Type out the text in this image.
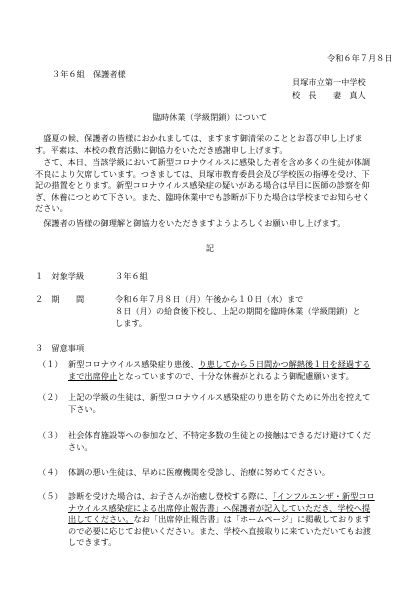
令和６年７月８日
３年６組　保護者様
貝塚市立第一中学校
校　長　　妻　真人
臨時休業（学級閉鎖）について
盛夏の候、保護者の皆様におかれましては、ますます御清栄のこととお喜び申し上げます。平素は、本校の教育活動に御協力をいただき感謝申し上げます。
さて、本日、当該学級において新型コロナウイルスに感染した者を含め多くの生徒が体調不良により欠席しています。つきましては、貝塚市教育委員会及び学校医の指導を受け、下記の措置をとります。新型コロナウイルス感染症の疑いがある場合は早目に医師の診察を仰ぎ、休養につとめて下さい。また、臨時休業中でも診断が下りた場合は学校までお知らせください。
保護者の皆様の御理解と御協力をいただきますようよろしくお願い申し上げます。
記
１　対象学級	３年６組
２　期　　間	令和６年７月８日（月）午後から１０日（水）まで
８日（月）の給食後下校し、上記の期間を臨時休業（学級閉鎖）と
します。
３　留意事項
（１） 新型コロナウイルス感染症り患後、り患してから５日間かつ解熱後１日を経過するまで出席停止となっていますので、十分な休養がとれるよう御配慮願います。
（２） 上記の学級の生徒は、新型コロナウイルス感染症のり患を防ぐために外出を控えて下さい。
（３） 社会体育施設等への参加など、不特定多数の生徒との接触はできるだけ避けてください。
（４） 体調の悪い生徒は、早めに医療機関を受診し、治療に努めてください。
（５） 診断を受けた場合は、お子さんが治癒し登校する際に、「インフルエンザ・新型コロナウイルス感染症による出席停止報告書」へ保護者が記入していただき、学校へ提出してください。なお「出席停止報告書」は「ホームページ」に掲載しておりますので必要に応じてお使いください。また、学校へ直接取りに来ていただいてもお渡しできます。
